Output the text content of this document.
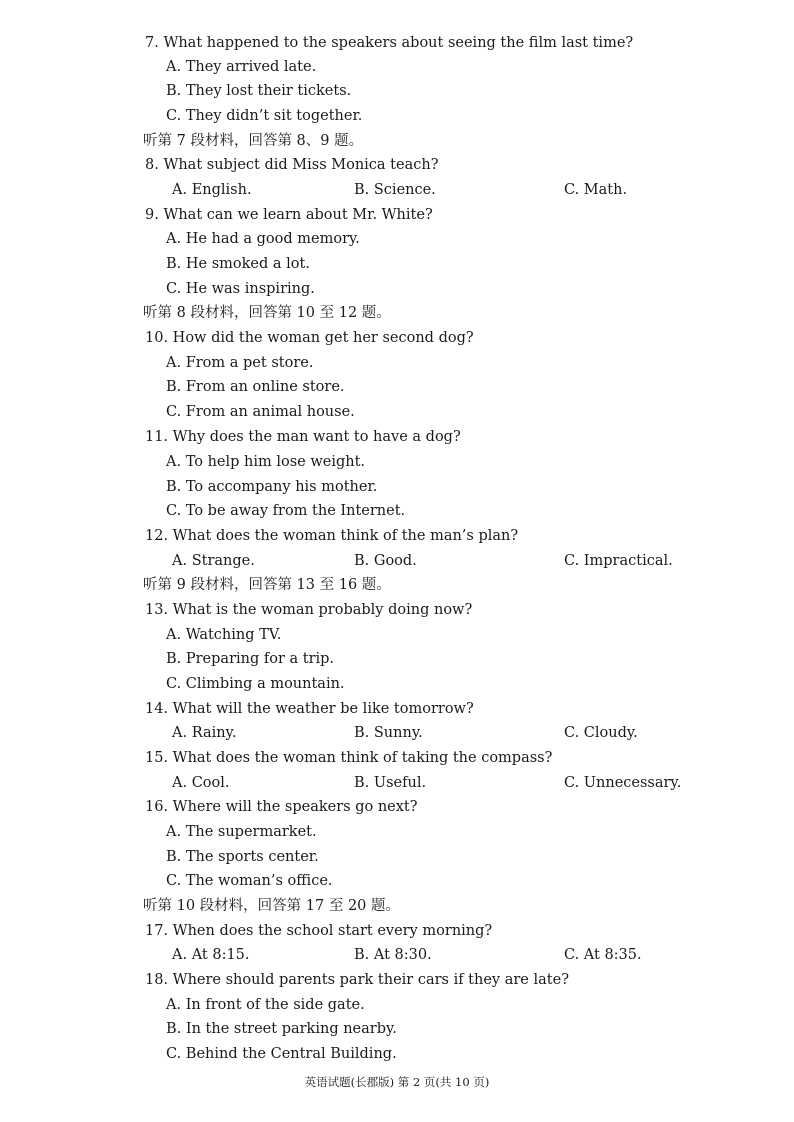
7. What happened to the speakers about seeing the film last time?
A. They arrived late.
B. They lost their tickets.
C. They didn’t sit together.
听第 7 段材料，回答第 8、9 题。
8. What subject did Miss Monica teach?
A. English.	B. Science.	C. Math.
9. What can we learn about Mr. White?
A. He had a good memory.
B. He smoked a lot.
C. He was inspiring.
听第 8 段材料，回答第 10 至 12 题。
10. How did the woman get her second dog?
A. From a pet store.
B. From an online store.
C. From an animal house.
11. Why does the man want to have a dog?
A. To help him lose weight.
B. To accompany his mother.
C. To be away from the Internet.
12. What does the woman think of the man’s plan?
A. Strange.	B. Good.	C. Impractical.
听第 9 段材料，回答第 13 至 16 题。
13. What is the woman probably doing now?
A. Watching TV.
B. Preparing for a trip.
C. Climbing a mountain.
14. What will the weather be like tomorrow?
A. Rainy.	B. Sunny.	C. Cloudy.
15. What does the woman think of taking the compass?
A. Cool.	B. Useful.	C. Unnecessary.
16. Where will the speakers go next?
A. The supermarket.
B. The sports center.
C. The woman’s office.
听第 10 段材料，回答第 17 至 20 题。
17. When does the school start every morning?
A. At 8:15.	B. At 8:30.	C. At 8:35.
18. Where should parents park their cars if they are late?
A. In front of the side gate.
B. In the street parking nearby.
C. Behind the Central Building.
英语试题(长郡版) 第 2 页(共 10 页)
